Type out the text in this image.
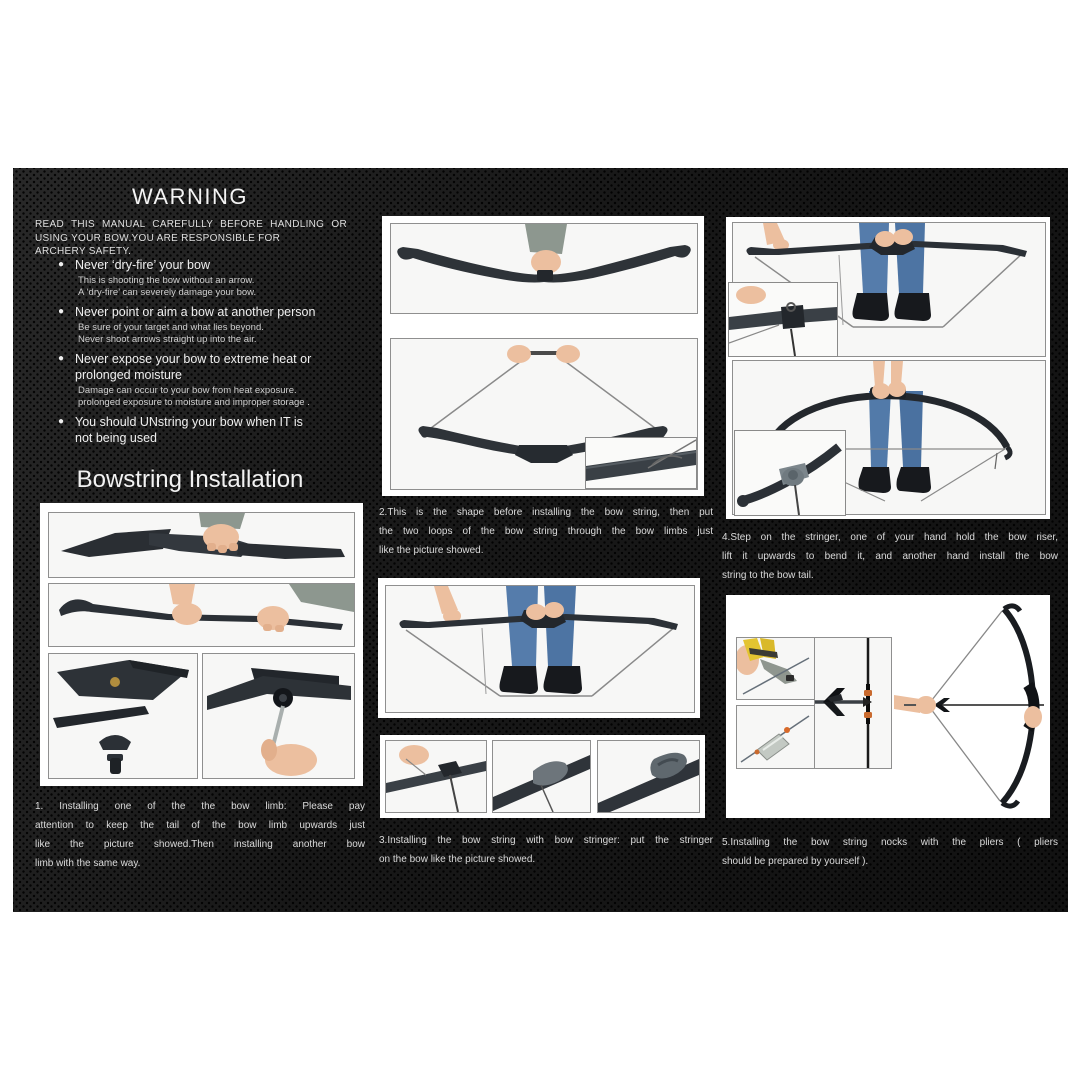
WARNING
READ THIS MANUAL CAREFULLY BEFORE HANDLING OR
USING YOUR BOW.YOU ARE RESPONSIBLE FOR
ARCHERY SAFETY.
● Never ‘dry-fire’ your bow
This is shooting the bow without an arrow.
A ‘dry-fire’ can severely damage your bow.
● Never point or aim a bow at another person
Be sure of your target and what lies beyond.
Never shoot arrows straight up into the air.
● Never expose your bow to extreme heat or
prolonged moisture
Damage can occur to your bow from heat exposure.
prolonged exposure to moisture and improper storage .
● You should UNstring your bow when IT is
not being used
Bowstring Installation
1. Installing one of the the bow limb: Please pay
attention to keep the tail of the bow limb upwards just
like the picture showed.Then installing another bow
limb with the same way.
2.This is the shape before installing the bow string, then put
the two loops of the bow string through the bow limbs just
like the picture showed.
3.Installing the bow string with bow stringer: put the stringer
on the bow like the picture showed.
4.Step on the stringer, one of your hand hold the bow riser,
lift it upwards to bend it, and another hand install the bow
string to the bow tail.
5.Installing the bow string nocks with the pliers ( pliers
should be prepared by yourself ).
